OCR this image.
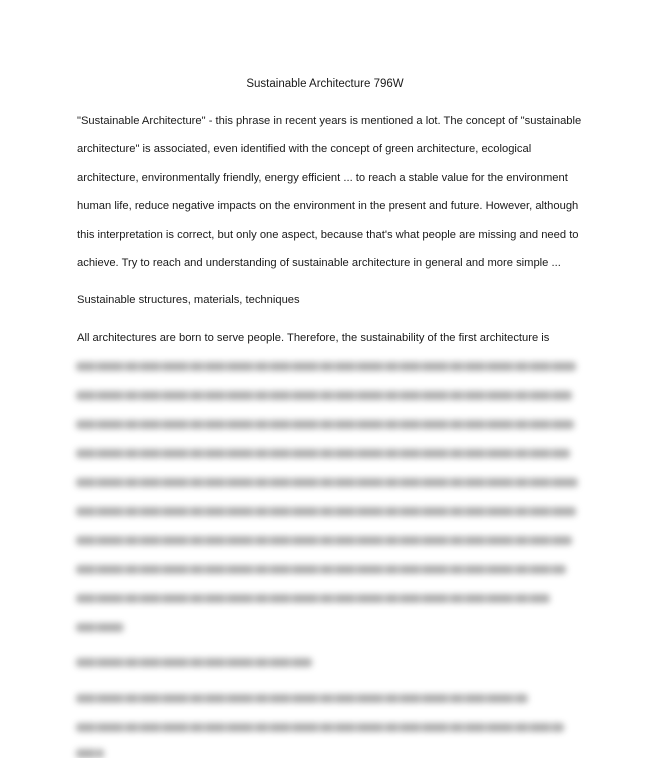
Sustainable Architecture 796W
"Sustainable Architecture" - this phrase in recent years is mentioned a lot. The concept of "sustainable
architecture" is associated, even identified with the concept of green architecture, ecological
architecture, environmentally friendly, energy efficient ... to reach a stable value for the environment
human life, reduce negative impacts on the environment in the present and future. However, although
this interpretation is correct, but only one aspect, because that's what people are missing and need to
achieve. Try to reach and understanding of sustainable architecture in general and more simple ...
Sustainable structures, materials, techniques
All architectures are born to serve people. Therefore, the sustainability of the first architecture is
